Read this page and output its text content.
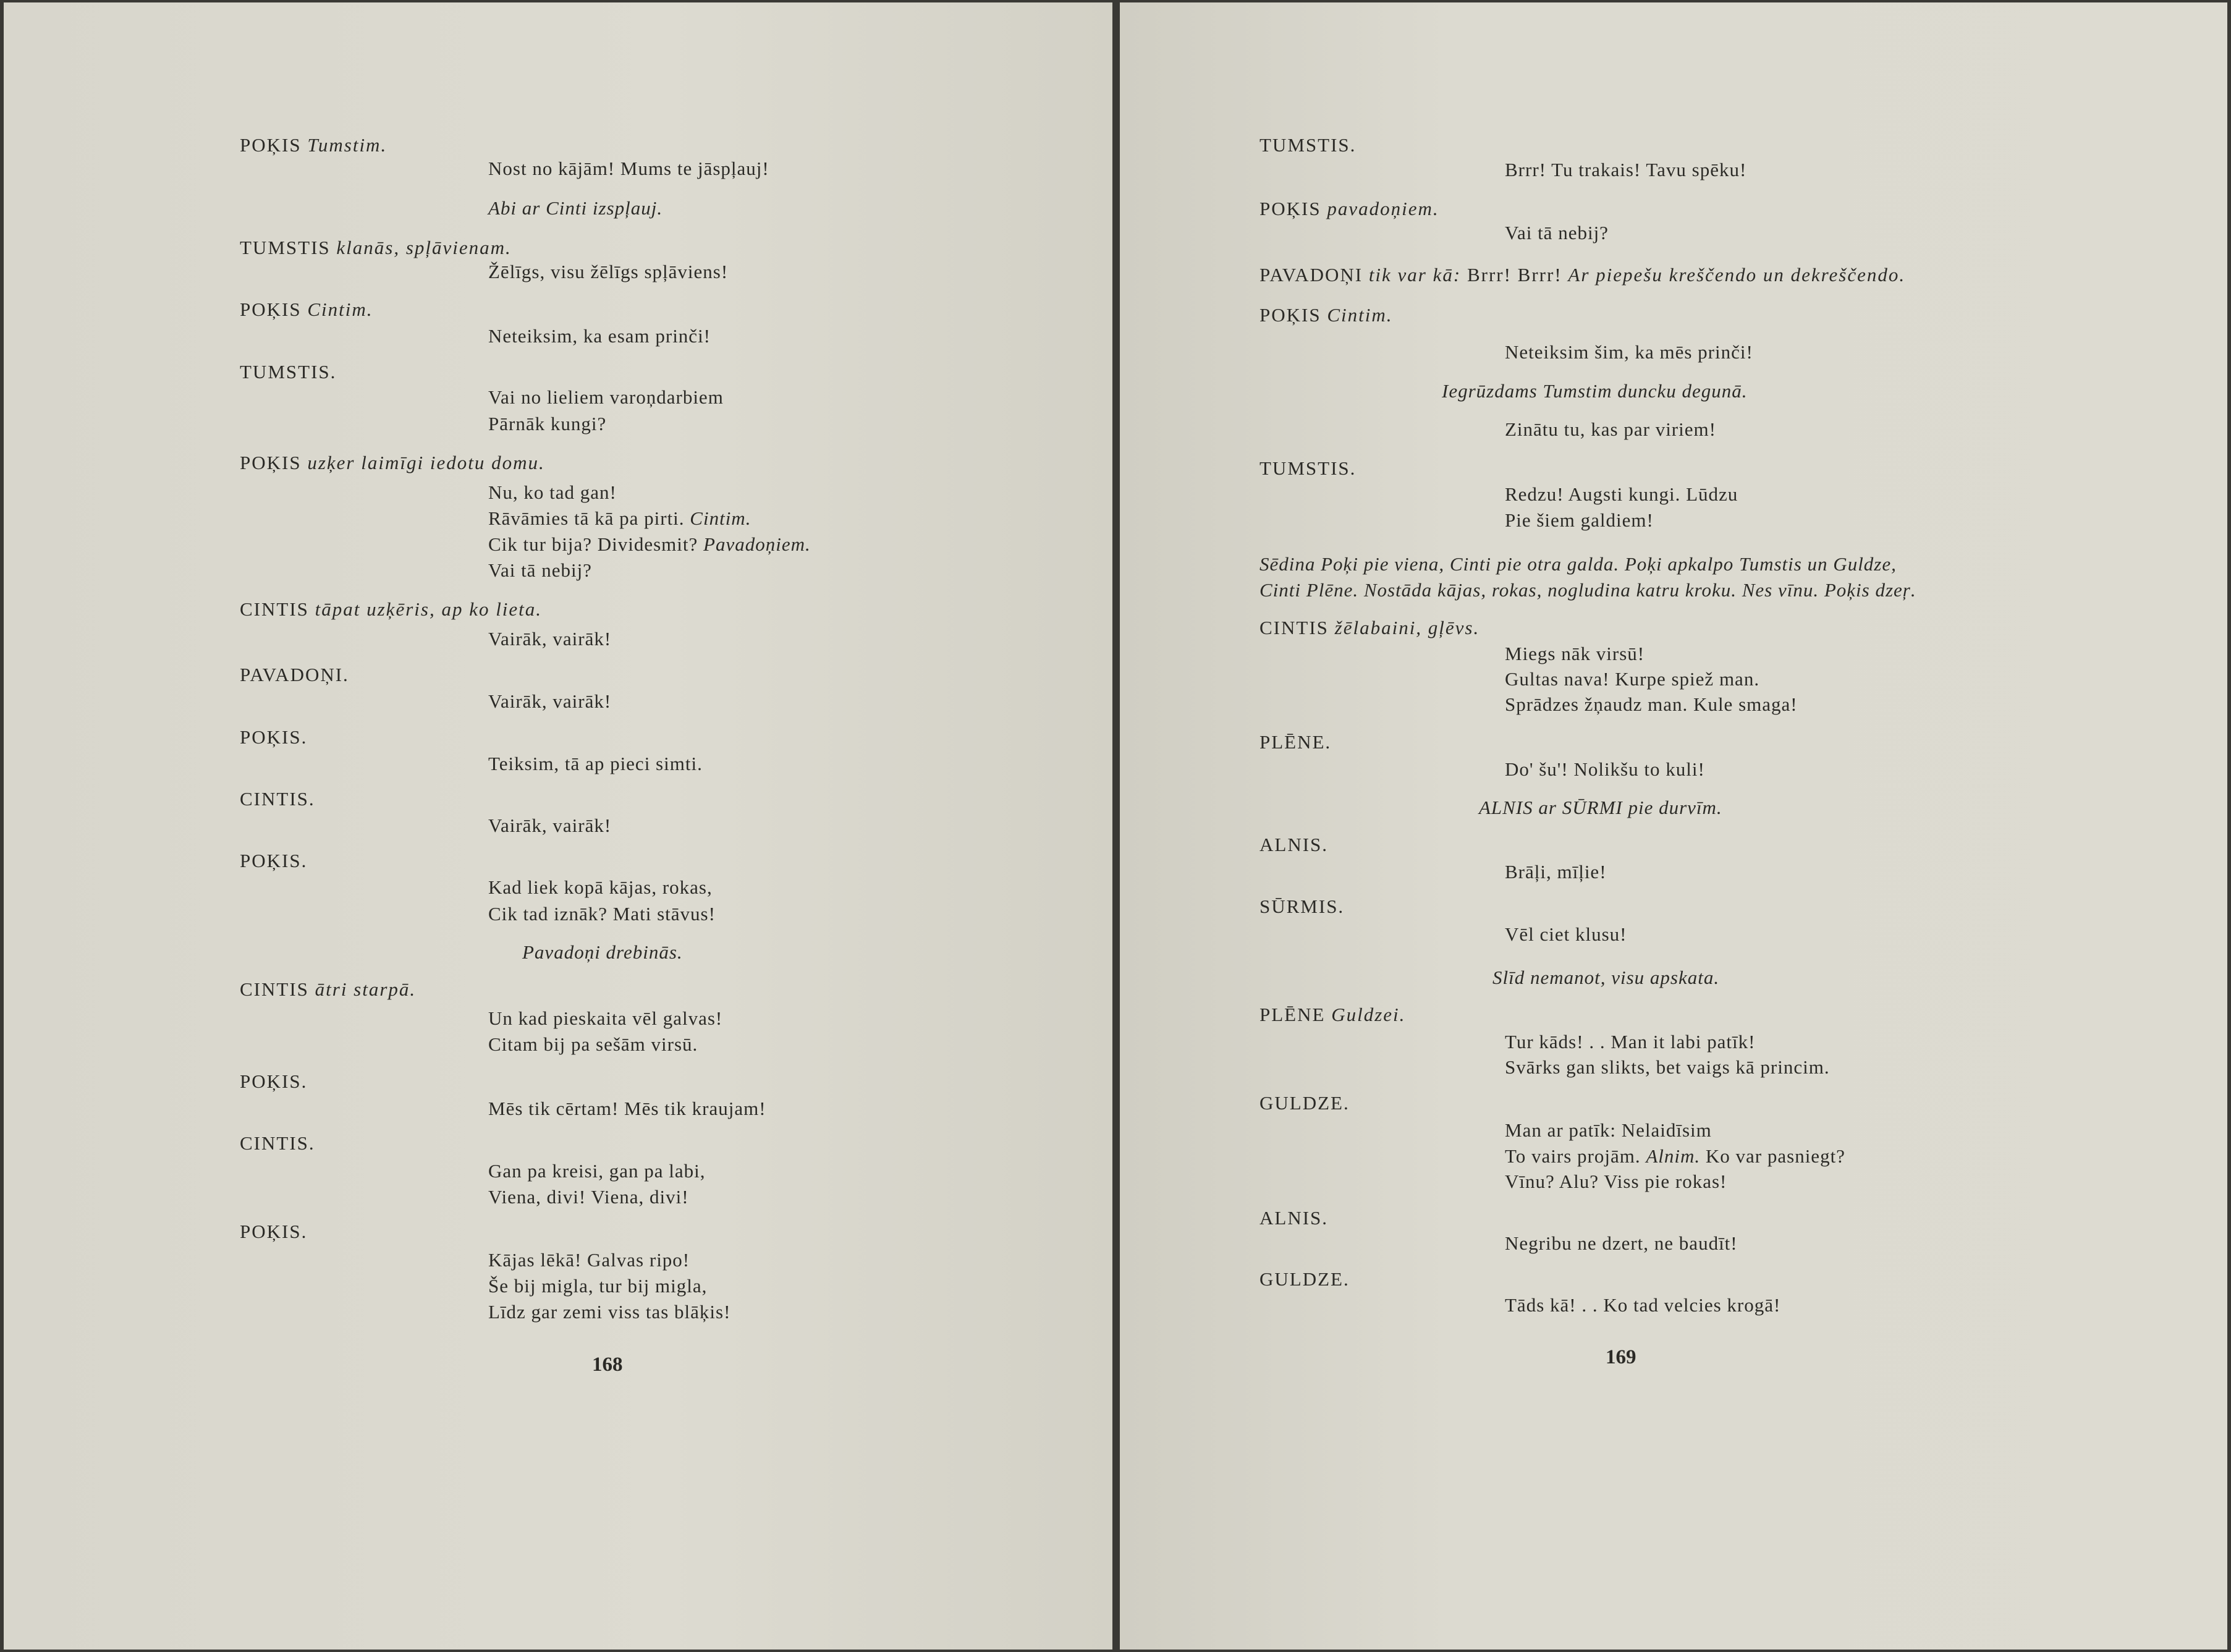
POĶIS Tumstim.
Nost no kājām! Mums te jāspļauj!
Abi ar Cinti izspļauj.
TUMSTIS klanās, spļāvienam.
Žēlīgs, visu žēlīgs spļāviens!
POĶIS Cintim.
Neteiksim, ka esam prinči!
TUMSTIS.
Vai no lieliem varoņdarbiem
Pārnāk kungi?
POĶIS uzķer laimīgi iedotu domu.
Nu, ko tad gan!
Rāvāmies tā kā pa pirti. Cintim.
Cik tur bija? Dividesmit? Pavadoņiem.
Vai tā nebij?
CINTIS tāpat uzķēris, ap ko lieta.
Vairāk, vairāk!
PAVADOŅI.
Vairāk, vairāk!
POĶIS.
Teiksim, tā ap pieci simti.
CINTIS.
Vairāk, vairāk!
POĶIS.
Kad liek kopā kājas, rokas,
Cik tad iznāk? Mati stāvus!
Pavadoņi drebinās.
CINTIS ātri starpā.
Un kad pieskaita vēl galvas!
Citam bij pa sešām virsū.
POĶIS.
Mēs tik cērtam! Mēs tik kraujam!
CINTIS.
Gan pa kreisi, gan pa labi,
Viena, divi! Viena, divi!
POĶIS.
Kājas lēkā! Galvas ripo!
Še bij migla, tur bij migla,
Līdz gar zemi viss tas blāķis!
168
TUMSTIS.
Brrr! Tu trakais! Tavu spēku!
POĶIS pavadoņiem.
Vai tā nebij?
PAVADOŅI tik var kā: Brrr! Brrr! Ar piepešu kreščendo un dekreščendo.
POĶIS Cintim.
Neteiksim šim, ka mēs prinči!
Iegrūzdams Tumstim duncku degunā.
Zinātu tu, kas par viriem!
TUMSTIS.
Redzu! Augsti kungi. Lūdzu
Pie šiem galdiem!
Sēdina Poķi pie viena, Cinti pie otra galda. Poķi apkalpo Tumstis un Guldze,
Cinti Plēne. Nostāda kājas, rokas, nogludina katru kroku. Nes vīnu. Poķis dzeŗ.
CINTIS žēlabaini, gļēvs.
Miegs nāk virsū!
Gultas nava! Kurpe spiež man.
Sprādzes žņaudz man. Kule smaga!
PLĒNE.
Do' šu'! Nolikšu to kuli!
ALNIS ar SŪRMI pie durvīm.
ALNIS.
Brāļi, mīļie!
SŪRMIS.
Vēl ciet klusu!
Slīd nemanot, visu apskata.
PLĒNE Guldzei.
Tur kāds! . . Man it labi patīk!
Svārks gan slikts, bet vaigs kā princim.
GULDZE.
Man ar patīk: Nelaidīsim
To vairs projām. Alnim. Ko var pasniegt?
Vīnu? Alu? Viss pie rokas!
ALNIS.
Negribu ne dzert, ne baudīt!
GULDZE.
Tāds kā! . . Ko tad velcies krogā!
169
